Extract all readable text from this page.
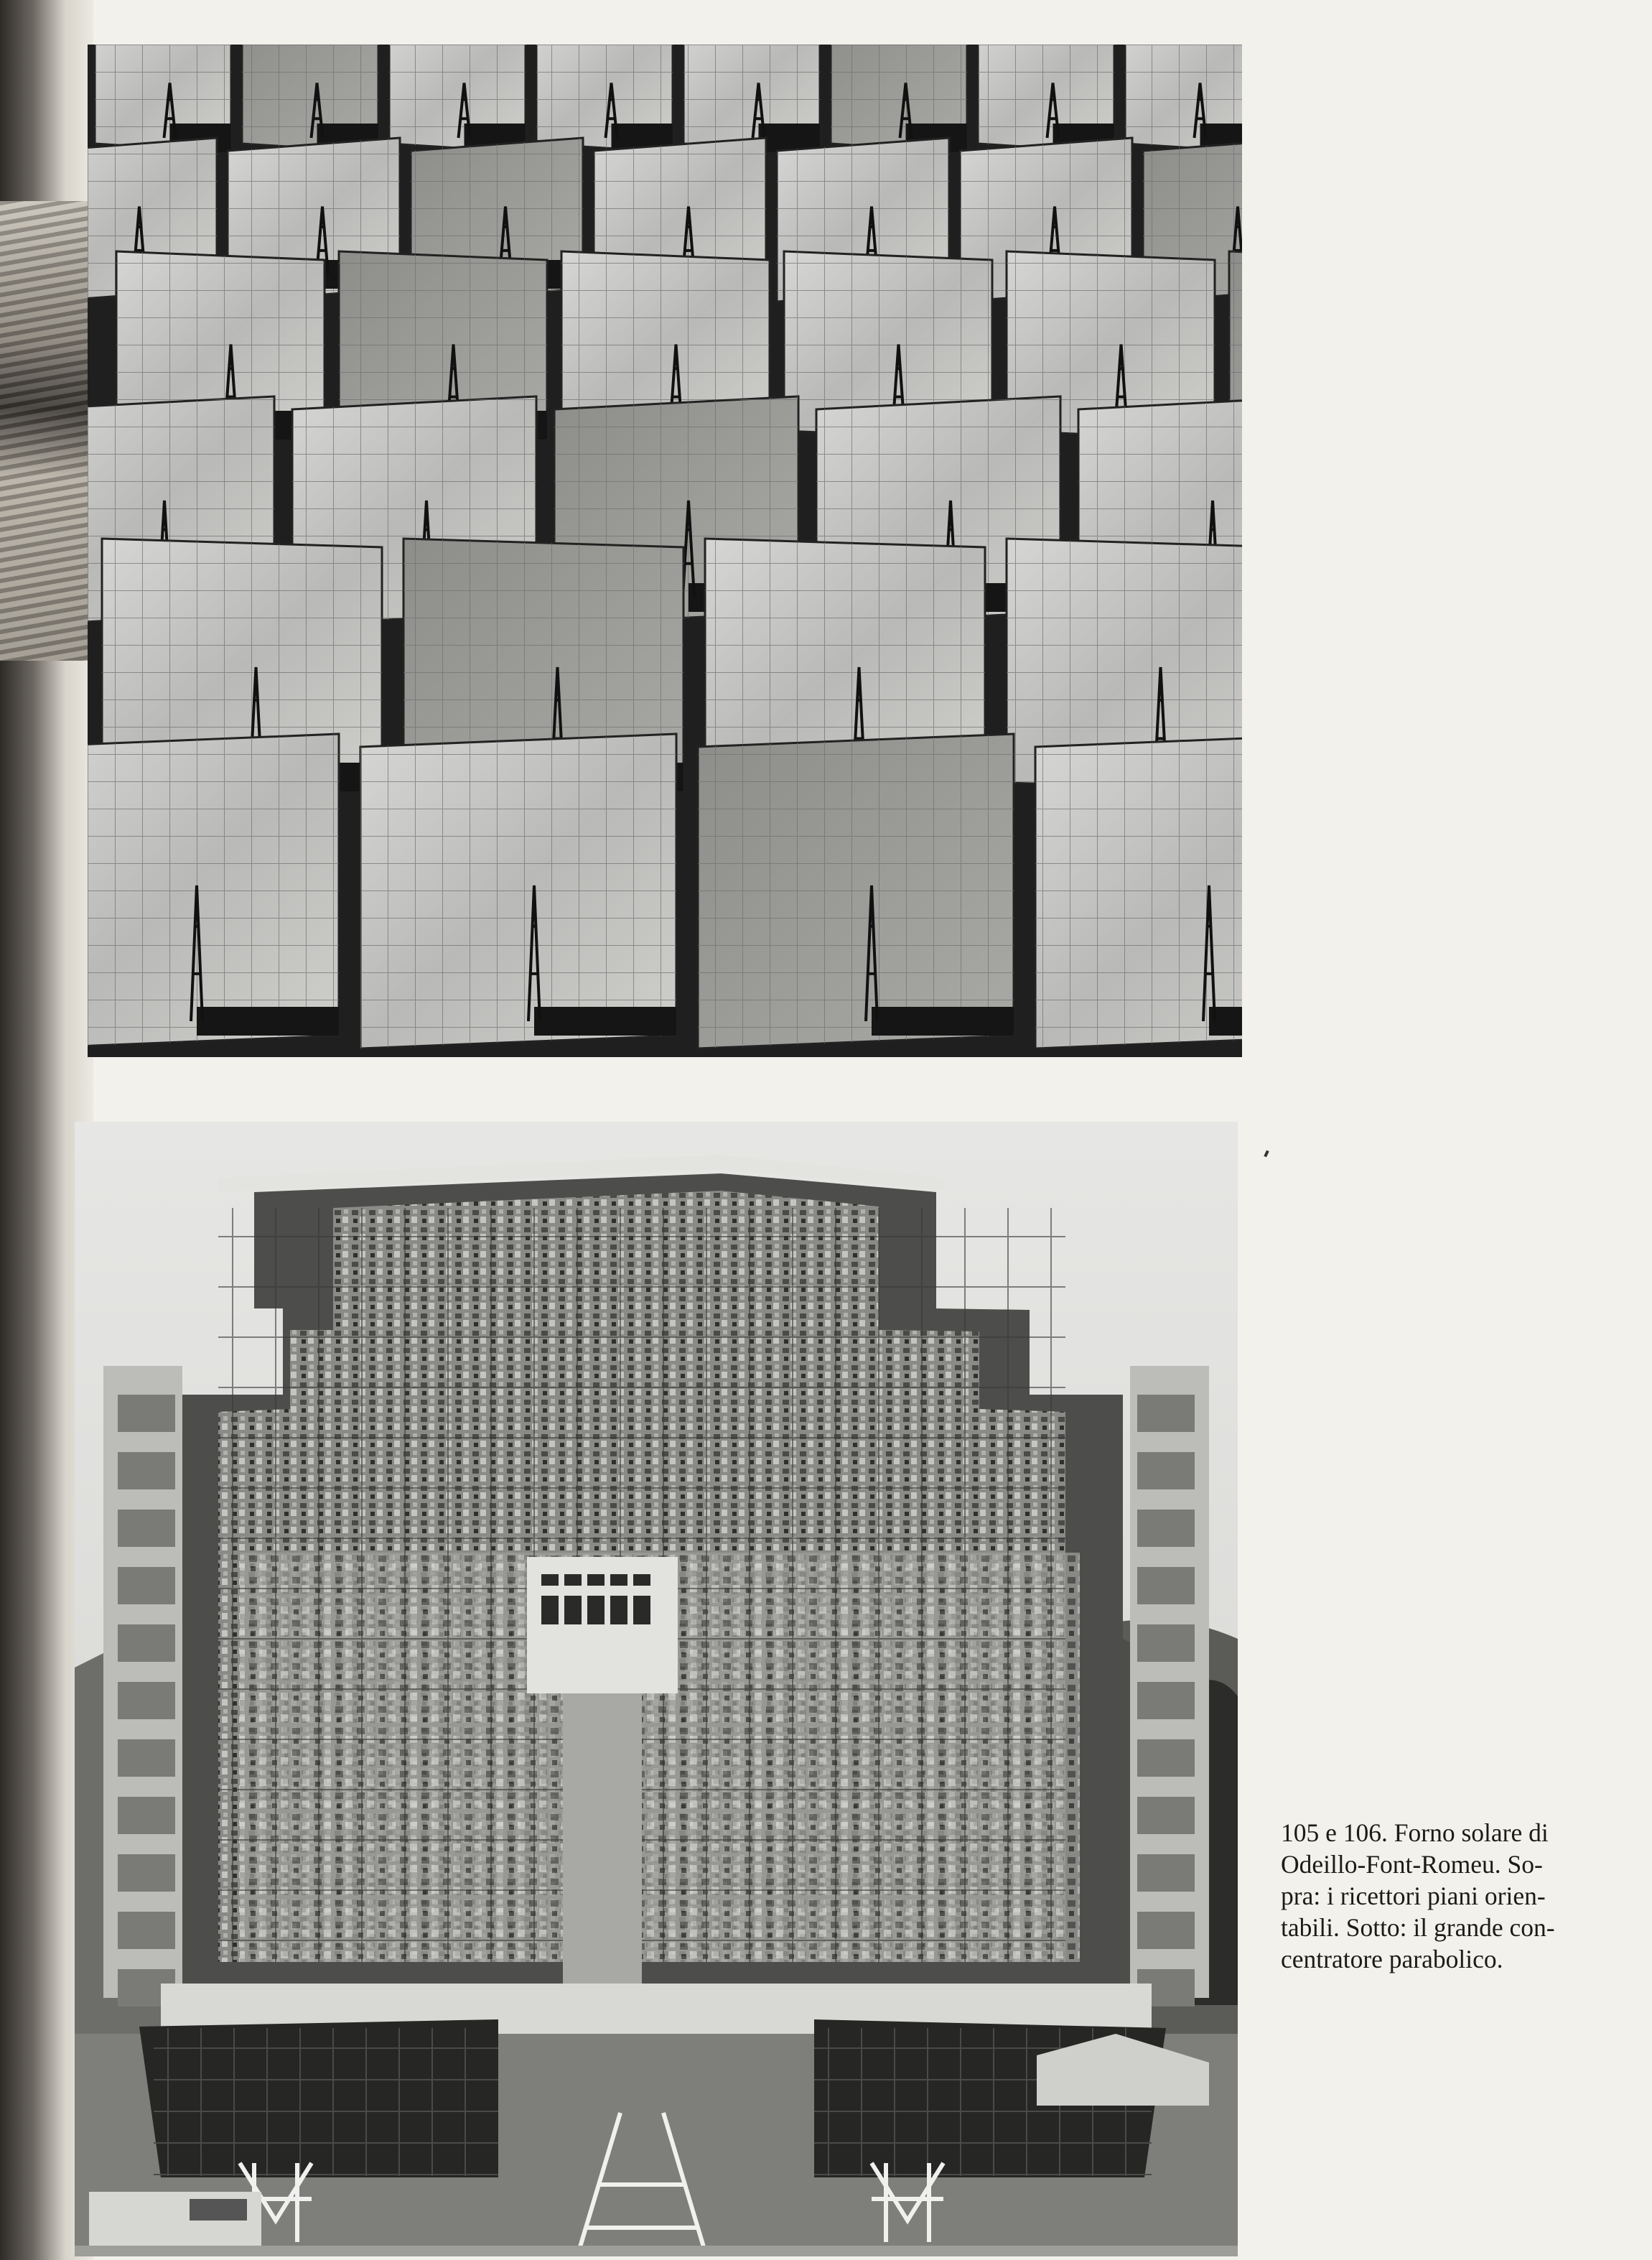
105 e 106. Forno solare di
Odeillo-Font-Romeu. So-
pra: i ricettori piani orien-
tabili. Sotto: il grande con-
centratore parabolico.
